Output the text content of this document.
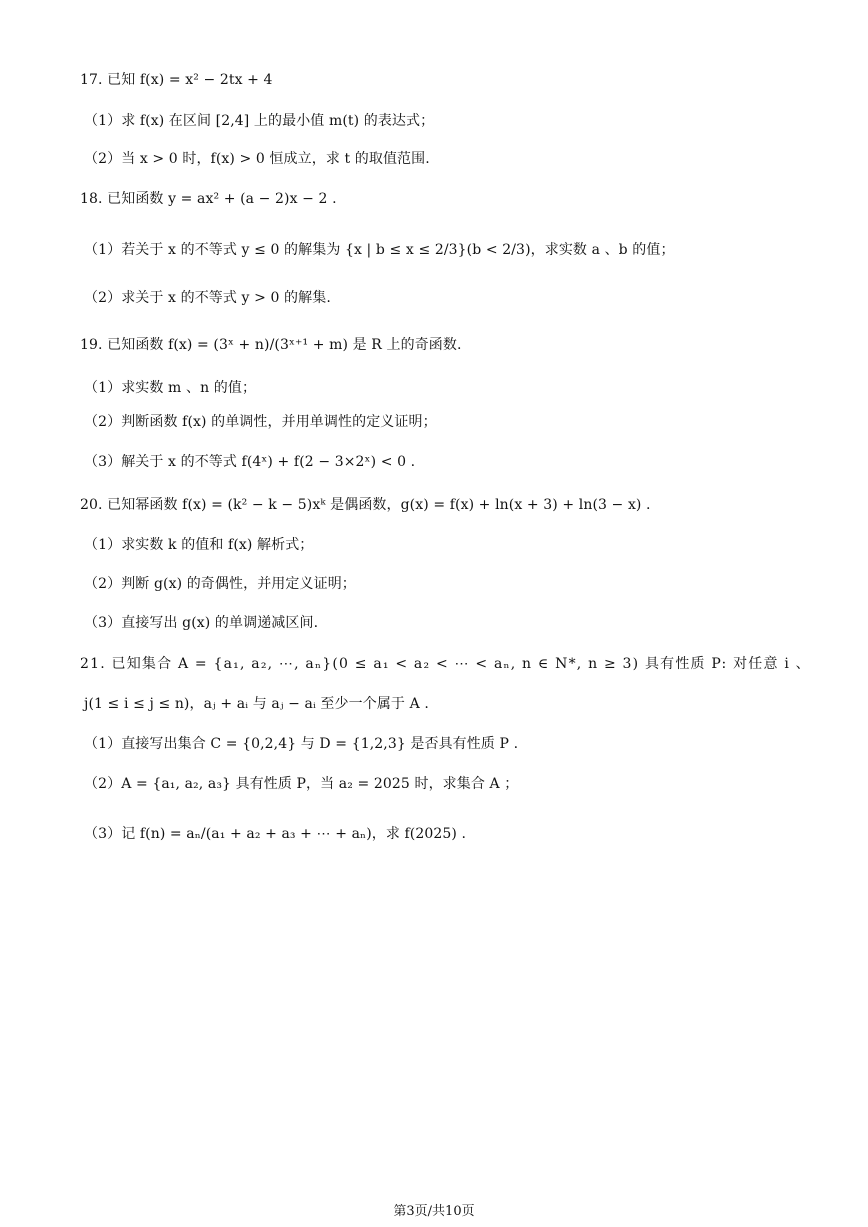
17. 已知 f(x) = x² − 2tx + 4
（1）求 f(x) 在区间 [2,4] 上的最小值 m(t) 的表达式；
（2）当 x > 0 时，f(x) > 0 恒成立，求 t 的取值范围.
18. 已知函数 y = ax² + (a − 2)x − 2 .
（1）若关于 x 的不等式 y ≤ 0 的解集为 {x | b ≤ x ≤ 2/3}(b < 2/3)，求实数 a 、b 的值；
（2）求关于 x 的不等式 y > 0 的解集.
19. 已知函数 f(x) = (3ˣ + n)/(3ˣ⁺¹ + m) 是 R 上的奇函数.
（1）求实数 m 、n 的值；
（2）判断函数 f(x) 的单调性，并用单调性的定义证明；
（3）解关于 x 的不等式 f(4ˣ) + f(2 − 3×2ˣ) < 0 .
20. 已知幂函数 f(x) = (k² − k − 5)xᵏ 是偶函数，g(x) = f(x) + ln(x + 3) + ln(3 − x) .
（1）求实数 k 的值和 f(x) 解析式；
（2）判断 g(x) 的奇偶性，并用定义证明；
（3）直接写出 g(x) 的单调递减区间.
21. 已知集合 A = {a₁, a₂, ⋯, aₙ}(0 ≤ a₁ < a₂ < ⋯ < aₙ, n ∈ N*, n ≥ 3) 具有性质 P: 对任意 i 、
j(1 ≤ i ≤ j ≤ n)，aⱼ + aᵢ 与 aⱼ − aᵢ 至少一个属于 A .
（1）直接写出集合 C = {0,2,4} 与 D = {1,2,3} 是否具有性质 P .
（2）A = {a₁, a₂, a₃} 具有性质 P，当 a₂ = 2025 时，求集合 A ；
（3）记 f(n) = aₙ/(a₁ + a₂ + a₃ + ⋯ + aₙ)，求 f(2025) .
第3页/共10页
